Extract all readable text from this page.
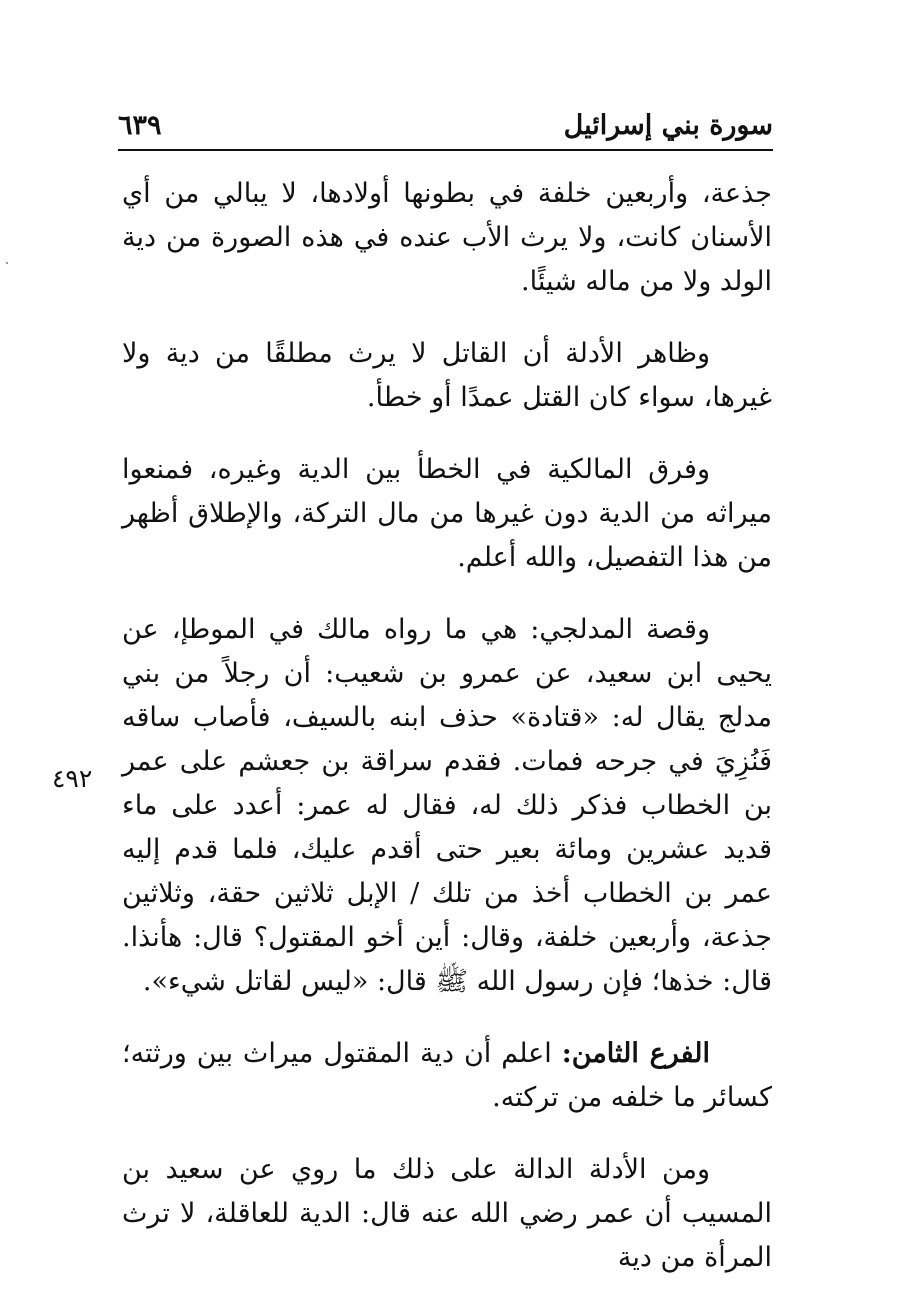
سورة بني إسرائيل
٦٣٩
٤٩٢

جذعة، وأربعين خلفة في بطونها أولادها، لا يبالي من أي الأسنان كانت، ولا يرث الأب عنده في هذه الصورة من دية الولد ولا من ماله شيئًا.

وظاهر الأدلة أن القاتل لا يرث مطلقًا من دية ولا غيرها، سواء كان القتل عمدًا أو خطأ.

وفرق المالكية في الخطأ بين الدية وغيره، فمنعوا ميراثه من الدية دون غيرها من مال التركة، والإطلاق أظهر من هذا التفصيل، والله أعلم.

وقصة المدلجي: هي ما رواه مالك في الموطإ، عن يحيى ابن سعيد، عن عمرو بن شعيب: أن رجلاً من بني مدلج يقال له: «قتادة» حذف ابنه بالسيف، فأصاب ساقه فَنُزِيَ في جرحه فمات. فقدم سراقة بن جعشم على عمر بن الخطاب فذكر ذلك له، فقال له عمر: أعدد على ماء قديد عشرين ومائة بعير حتى أقدم عليك، فلما قدم إليه عمر بن الخطاب أخذ من تلك / الإبل ثلاثين حقة، وثلاثين جذعة، وأربعين خلفة، وقال: أين أخو المقتول؟ قال: هأنذا. قال: خذها؛ فإن رسول الله ﷺ قال: «ليس لقاتل شيء».

الفرع الثامن: اعلم أن دية المقتول ميراث بين ورثته؛ كسائر ما خلفه من تركته.

ومن الأدلة الدالة على ذلك ما روي عن سعيد بن المسيب أن عمر رضي الله عنه قال: الدية للعاقلة، لا ترث المرأة من دية
